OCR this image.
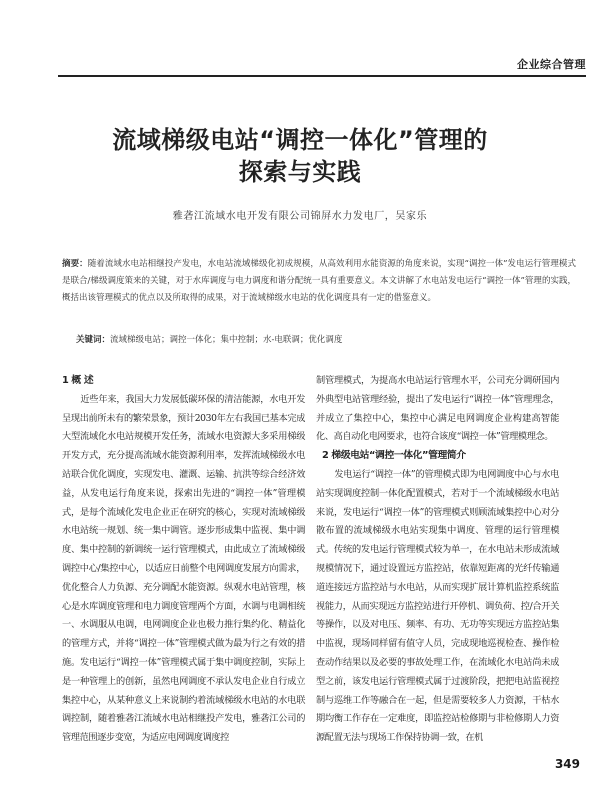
企业综合管理
流域梯级电站“调控一体化”管理的
探索与实践
雅砻江流域水电开发有限公司锦屏水力发电厂，吴家乐
摘要：随着流域水电站相继投产发电，水电站流域梯级化初成规模，从高效利用水能资源的角度来说，实现“调控一体”发电运行管理模式是联合/梯级调度策来的关键，对于水库调度与电力调度和谐分配统一具有重要意义。本文讲解了水电站发电运行“调控一体”管理的实践，概括出该管理模式的优点以及所取得的成果，对于流域梯级水电站的优化调度具有一定的借鉴意义。
关键词：流域梯级电站；调控一体化；集中控制；水-电联调；优化调度
1 概 述

近些年来，我国大力发展低碳环保的清洁能源，水电开发呈现出前所未有的繁荣景象，预计2030年左右我国已基本完成大型流域化水电站规模开发任务，流域水电资源大多采用梯级开发方式，充分提高流域水能资源利用率，发挥流域梯级水电站联合优化调度，实现发电、灌溉、运输、抗洪等综合经济效益，从发电运行角度来说，探索出先进的“调控一体”管理模式，是每个流域化发电企业正在研究的核心，实现对流域梯级水电站统一规划、统一集中调管。逐步形成集中监视、集中调度、集中控制的新调统一运行管理模式，由此成立了流域梯级调控中心/集控中心，以适应日前整个电网调度发展方向需求，优化整合人力负源、充分调配水能资源。纵观水电站管理，核心是水库调度管理和电力调度管理两个方面，水调与电调相统一、水调服从电调，电网调度企业也极力推行集约化、精益化的管理方式，并将“调控一体”管理模式做为最为行之有效的措施。发电运行“调控一体”管理模式属于集中调度控制，实际上是一种管理上的创新，虽然电网调度不承认发电企业自行成立集控中心，从某种意义上来说制约着流域梯级水电站的水电联调控制，随着雅砻江流域水电站相继投产发电，雅砻江公司的管理范围逐步变宽，为适应电网调度调度控

制管理模式，为提高水电站运行管理水平，公司充分调研国内外典型电站管理经验，提出了发电运行“调控一体”管理理念，并成立了集控中心，集控中心满足电网调度企业构建高智能化、高自动化电网要求，也符合该度“调控一体”管理模理念。

2 梯级电站“调控一体化”管理简介

发电运行“调控一体”的管理模式即为电网调度中心与水电站实现调度控制一体化配置模式，若对于一个流域梯级水电站来说，发电运行“调控一体”的管理模式则顾流域集控中心对分散布置的流域梯级水电站实现集中调度、管理的运行管理模式。传统的发电运行管理模式较为单一，在水电站未形成流域规模情况下，通过设置远方监控站，依靠短距离的光纤传输通道连接远方监控站与水电站，从而实现扩展计算机监控系统监视能力，从而实现远方监控站进行开停机、调负荷、控/合开关等操作，以及对电压、频率、有功、无功等实现远方监控站集中监视，现场同样留有值守人员，完成现地巡视检查、操作检查动作结果以及必要的事故处理工作，在流域化水电站尚未成型之前，该发电运行管理模式属于过渡阶段，把把电站监视控制与巡维工作等融合在一起，但是需要较多人力资源，干枯水期均衡工作存在一定难度，即监控站检修期与非检修期人力资源配置无法与现场工作保持协调一致，在机

349
